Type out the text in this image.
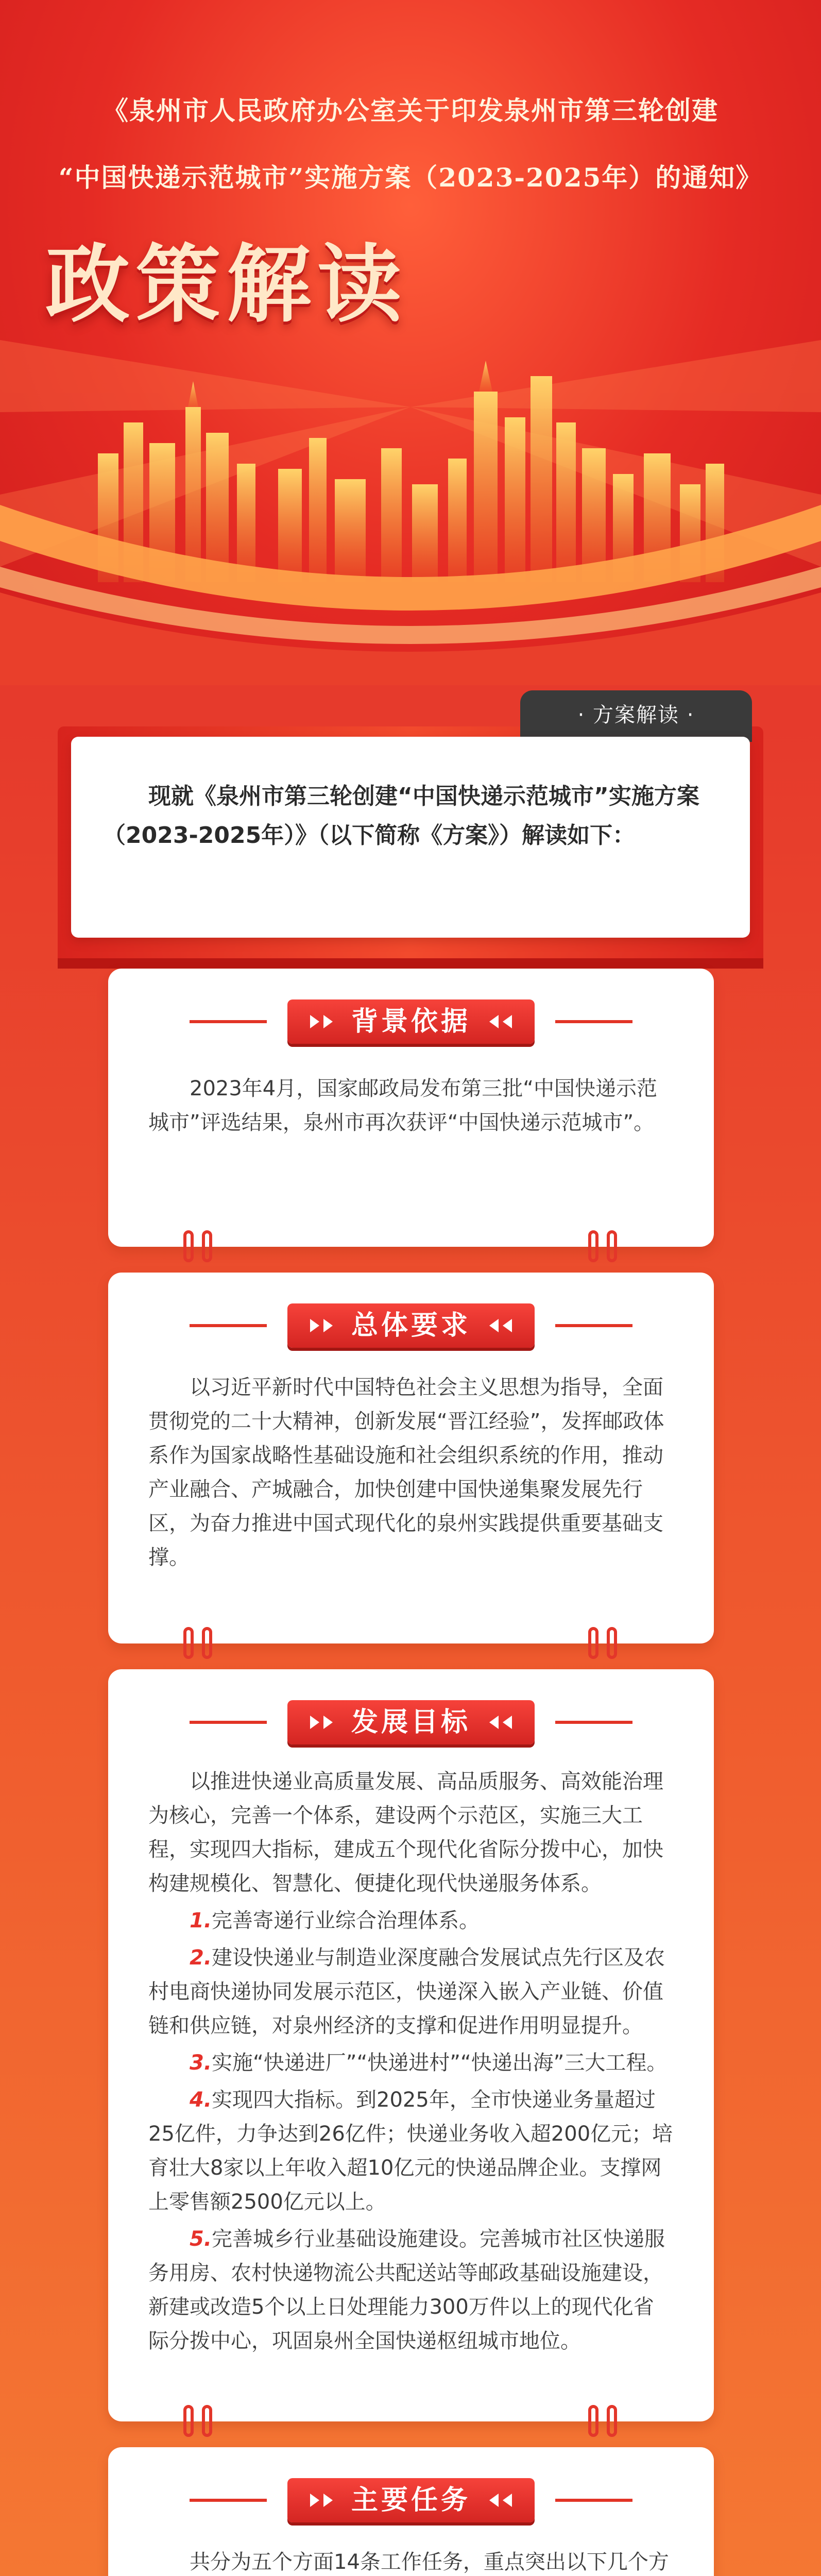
《泉州市人民政府办公室关于印发泉州市第三轮创建
“中国快递示范城市”实施方案（2023-2025年）的通知》
政策解读
· 方案解读 ·
现就《泉州市第三轮创建“中国快递示范城市”实施方案（2023-2025年）》（以下简称《方案》）解读如下：
背景依据
2023年4月，国家邮政局发布第三批“中国快递示范城市”评选结果，泉州市再次获评“中国快递示范城市”。
总体要求
以习近平新时代中国特色社会主义思想为指导，全面贯彻党的二十大精神，创新发展“晋江经验”，发挥邮政体系作为国家战略性基础设施和社会组织系统的作用，推动产业融合、产城融合，加快创建中国快递集聚发展先行区，为奋力推进中国式现代化的泉州实践提供重要基础支撑。
发展目标
以推进快递业高质量发展、高品质服务、高效能治理为核心，完善一个体系，建设两个示范区，实施三大工程，实现四大指标，建成五个现代化省际分拨中心，加快构建规模化、智慧化、便捷化现代快递服务体系。
1.完善寄递行业综合治理体系。
2.建设快递业与制造业深度融合发展试点先行区及农村电商快递协同发展示范区，快递深入嵌入产业链、价值链和供应链，对泉州经济的支撑和促进作用明显提升。
3.实施“快递进厂”“快递进村”“快递出海”三大工程。
4.实现四大指标。到2025年，全市快递业务量超过25亿件，力争达到26亿件；快递业务收入超200亿元；培育壮大8家以上年收入超10亿元的快递品牌企业。支撑网上零售额2500亿元以上。
5.完善城乡行业基础设施建设。完善城市社区快递服务用房、农村快递物流公共配送站等邮政基础设施建设，新建或改造5个以上日处理能力300万件以上的现代化省际分拨中心，巩固泉州全国快递枢纽城市地位。
主要任务
共分为五个方面14条工作任务，重点突出以下几个方
